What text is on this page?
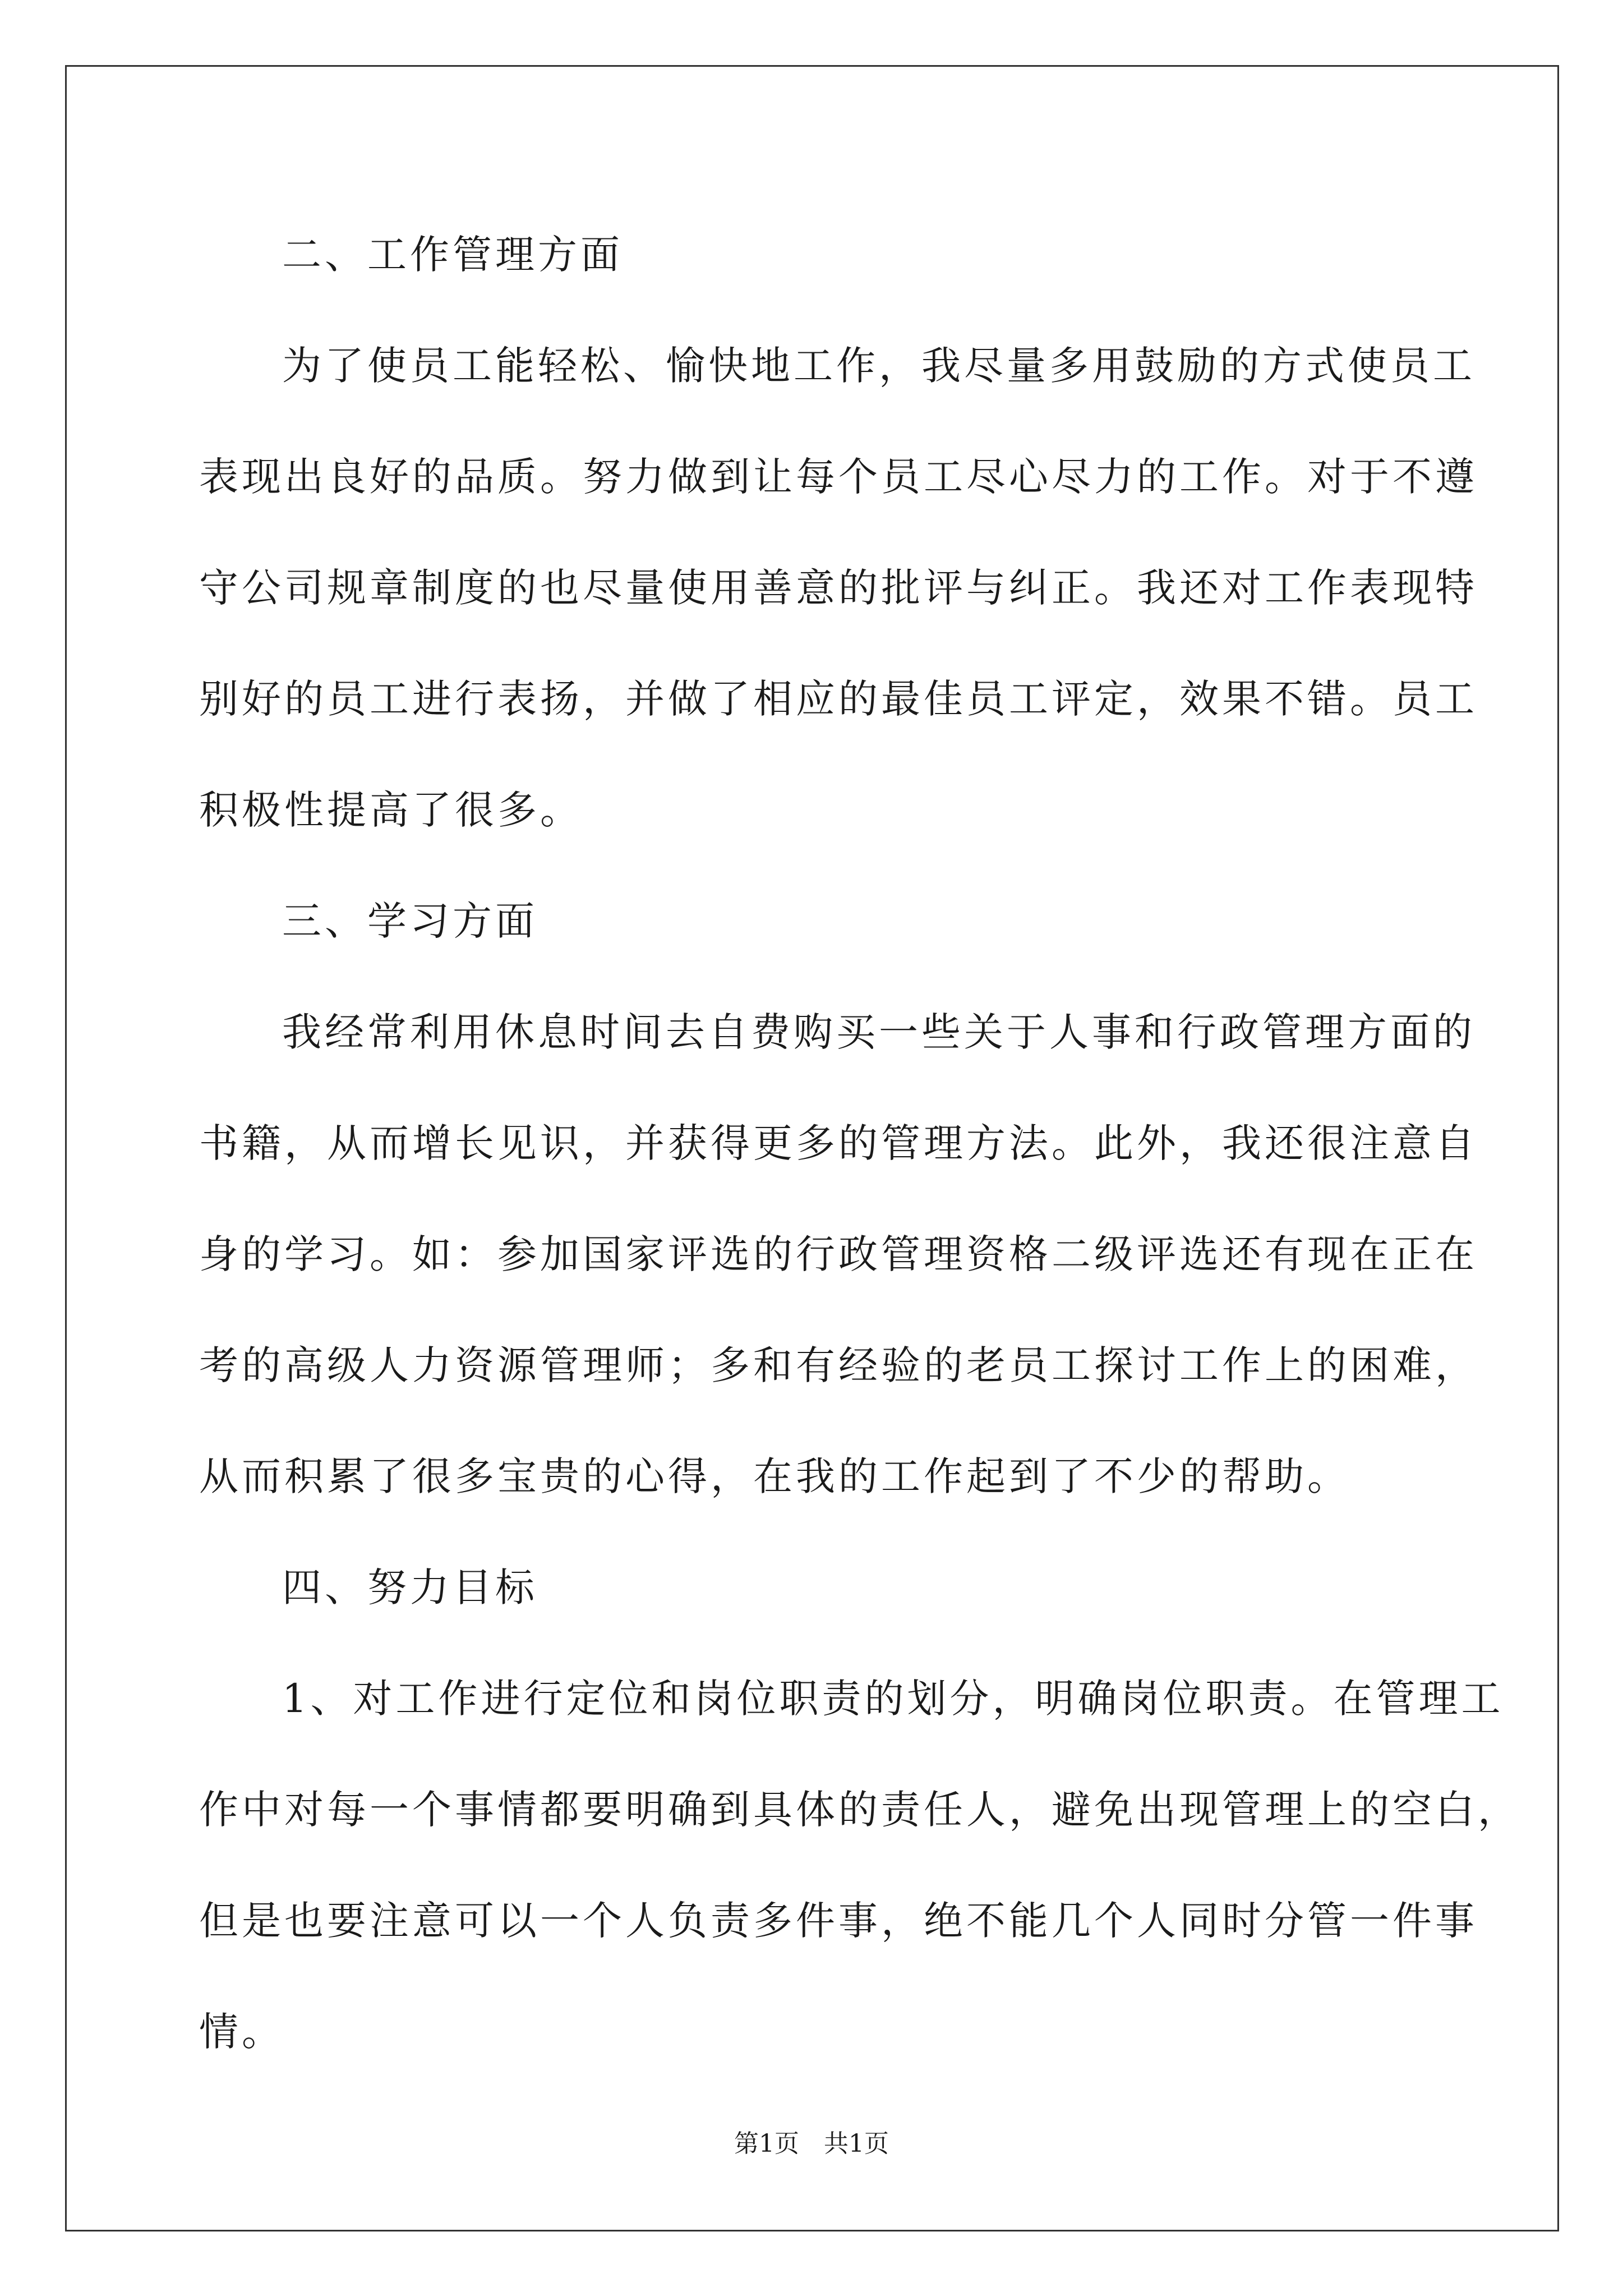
二、工作管理方面
为了使员工能轻松、愉快地工作，我尽量多用鼓励的方式使员工
表现出良好的品质。努力做到让每个员工尽心尽力的工作。对于不遵
守公司规章制度的也尽量使用善意的批评与纠正。我还对工作表现特
别好的员工进行表扬，并做了相应的最佳员工评定，效果不错。员工
积极性提高了很多。
三、学习方面
我经常利用休息时间去自费购买一些关于人事和行政管理方面的
书籍，从而增长见识，并获得更多的管理方法。此外，我还很注意自
身的学习。如：参加国家评选的行政管理资格二级评选还有现在正在
考的高级人力资源管理师；多和有经验的老员工探讨工作上的困难，
从而积累了很多宝贵的心得，在我的工作起到了不少的帮助。
四、努力目标
1、对工作进行定位和岗位职责的划分，明确岗位职责。在管理工
作中对每一个事情都要明确到具体的责任人，避免出现管理上的空白，
但是也要注意可以一个人负责多件事，绝不能几个人同时分管一件事
情。
第1页　共1页
